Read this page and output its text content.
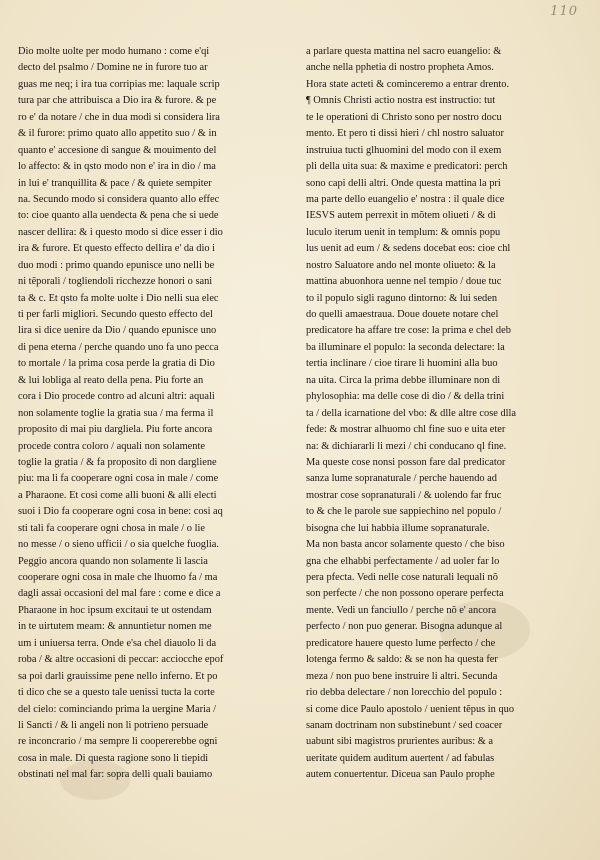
110
Dio molte uolte per modo humano : come e'qi
decto del psalmo / Domine ne in furore tuo ar
guas me neq; i ira tua corripias me: laquale scrip
tura par che attribuisca a Dio ira & furore. & pe
ro e' da notare / che in dua modi si considera lira
& il furore: primo quato allo appetito suo / & in
quanto e' accesione di sangue & mouimento del
lo affecto: & in qsto modo non e' ira in dio / ma
in lui e' tranquillita & pace / & quiete sempiter
na. Secundo modo si considera quanto allo effec
to: cioe quanto alla uendecta & pena che si uede
nascer dellira: & i questo modo si dice esser i dio
ira & furore. Et questo effecto dellira e' da dio i
duo modi : primo quando epunisce uno nelli be
ni tẽporali / togliendoli ricchezze honori o sani
ta & c. Et qsto fa molte uolte i Dio nelli sua elec
ti per farli migliori. Secundo questo effecto del
lira si dice uenire da Dio / quando epunisce uno
di pena eterna / perche quando uno fa uno pecca
to mortale / la prima cosa perde la gratia di Dio
& lui lobliga al reato della pena. Piu forte an
cora i Dio procede contro ad alcuni altri: aquali
non solamente toglie la gratia sua / ma ferma il
proposito di mai piu dargliela. Piu forte ancora
procede contra coloro / aquali non solamente
toglie la gratia / & fa proposito di non dargliene
piu: ma li fa cooperare ogni cosa in male / come
a Pharaone. Et cosi come alli buoni & alli electi
suoi i Dio fa cooperare ogni cosa in bene: cosi aq
sti tali fa cooperare ogni chosa in male / o lie
no messe / o sieno ufficii / o sia quelche fuoglia.
Peggio ancora quando non solamente li lascia
cooperare ogni cosa in male che lhuomo fa / ma
dagli assai occasioni del mal fare : come e dice a
Pharaone in hoc ipsum excitaui te ut ostendam
in te uirtutem meam: & annuntietur nomen me
um i uniuersa terra. Onde e'sa chel diauolo li da
roba / & altre occasioni di peccar: acciocche epof
sa poi darli grauissime pene nello inferno. Et po
ti dico che se a questo tale uenissi tucta la corte
del cielo: cominciando prima la uergine Maria /
li Sancti / & li angeli non li potrieno persuade
re inconcrario / ma sempre li coopererebbe ogni
cosa in male. Di questa ragione sono li tiepidi
obstinati nel mal far: sopra delli quali bauiamo
a parlare questa mattina nel sacro euangelio: &
anche nella pphetia di nostro propheta Amos.
Hora state acteti & cominceremo a entrar drento.
¶ Omnis Christi actio nostra est instructio: tut
te le operationi di Christo sono per nostro docu
mento. Et pero ti dissi hieri / chl nostro saluator
instruiua tucti glhuomini del modo con il exem
pli della uita sua: & maxime e predicatori: perch
sono capi delli altri. Onde questa mattina la pri
ma parte dello euangelio e' nostra : il quale dice
IESVS autem perrexit in mõtem oliueti / & di
luculo iterum uenit in templum: & omnis popu
lus uenit ad eum / & sedens docebat eos: cioe chl
nostro Saluatore ando nel monte oliueto: & la
mattina abuonhora uenne nel tempio / doue tuc
to il populo sigli raguno dintorno: & lui seden
do quelli amaestraua. Doue douete notare chel
predicatore ha affare tre cose: la prima e chel deb
ba illuminare el populo: la seconda delectare: la
tertia inclinare / cioe tirare li huomini alla buo
na uita. Circa la prima debbe illuminare non di
phylosophia: ma delle cose di dio / & della trini
ta / della icarnatione del vbo: & dlle altre cose dlla
fede: & mostrar alhuomo chl fine suo e uita eter
na: & dichiararli li mezi / chi conducano ql fine.
Ma queste cose nonsi posson fare dal predicator
sanza lume sopranaturale / perche hauendo ad
mostrar cose sopranaturali / & uolendo far fruc
to & che le parole sue sappiechino nel populo /
bisogna che lui habbia illume sopranaturale.
Ma non basta ancor solamente questo / che biso
gna che elhabbi perfectamente / ad uoler far lo
pera pfecta. Vedi nelle cose naturali lequali nõ
son perfecte / che non possono operare perfecta
mente. Vedi un fanciullo / perche nõ e' ancora
perfecto / non puo generar. Bisogna adunque al
predicatore hauere questo lume perfecto / che
lotenga fermo & saldo: & se non ha questa fer
meza / non puo bene instruire li altri. Secunda
rio debba delectare / non lorecchio del populo :
si come dice Paulo apostolo / uenient tẽpus in quo
sanam doctrinam non substinebunt / sed coacer
uabunt sibi magistros prurientes auribus: & a
ueritate quidem auditum auertent / ad fabulas
autem conuertentur. Diceua san Paulo prophe
